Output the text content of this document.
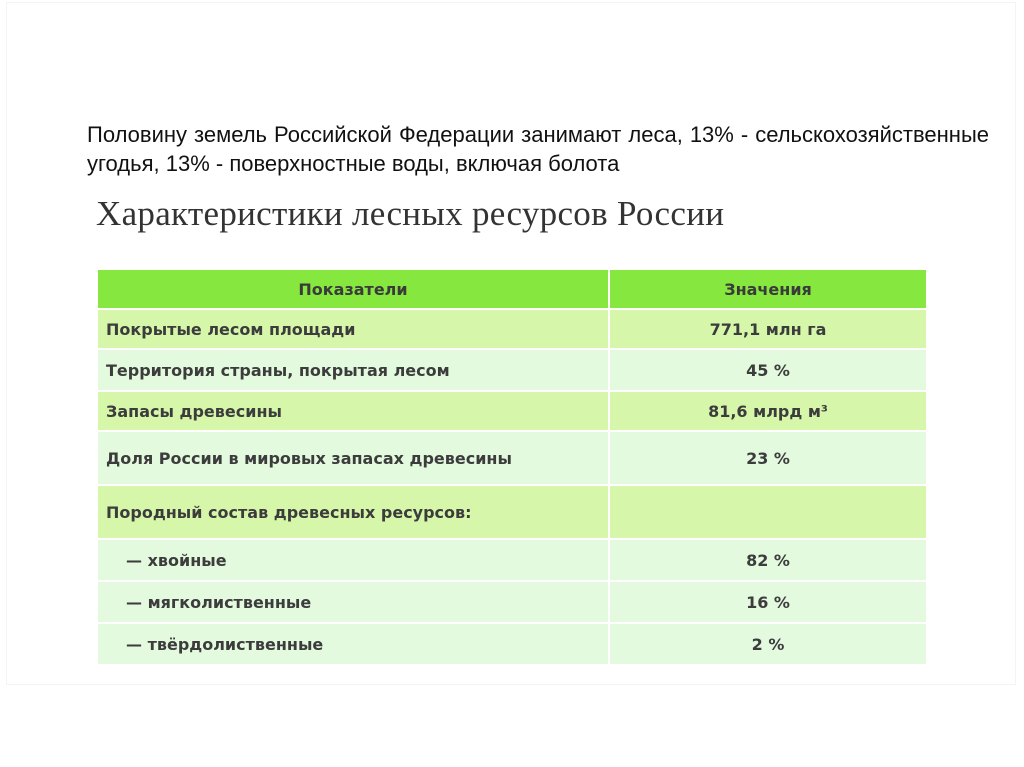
Половину земель Российской Федерации занимают леса, 13% - сельскохозяйственные угодья, 13% - поверхностные воды, включая болота

Характеристики лесных ресурсов России
Показатели	Значения
Покрытые лесом площади	771,1 млн га
Территория страны, покрытая лесом	45 %
Запасы древесины	81,6 млрд м³
Доля России в мировых запасах древесины	23 %
Породный состав древесных ресурсов:	
— хвойные	82 %
— мягколиственные	16 %
— твёрдолиственные	2 %
